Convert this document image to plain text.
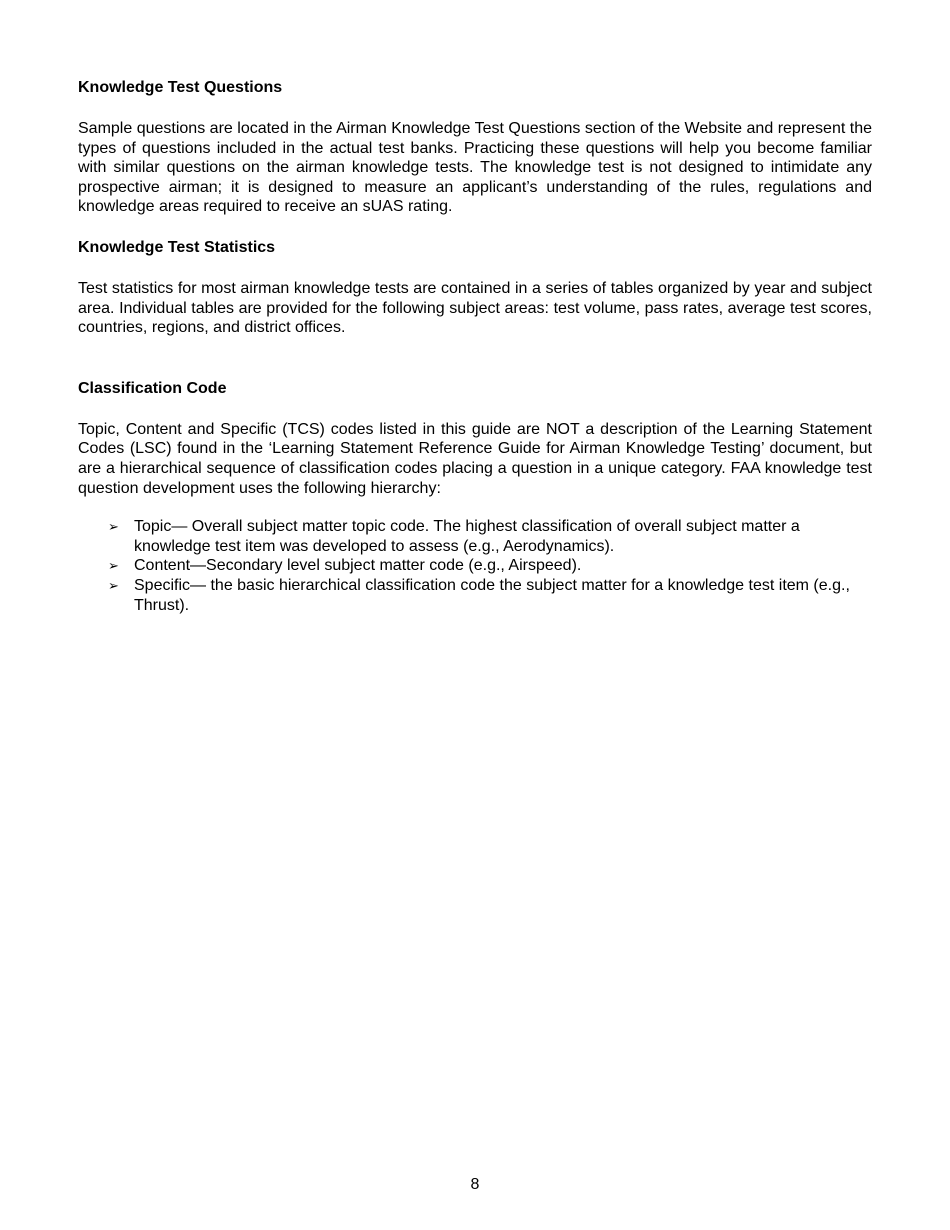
Knowledge Test Questions

Sample questions are located in the Airman Knowledge Test Questions section of the Website and represent the types of questions included in the actual test banks. Practicing these questions will help you become familiar with similar questions on the airman knowledge tests. The knowledge test is not designed to intimidate any prospective airman; it is designed to measure an applicant’s understanding of the rules, regulations and knowledge areas required to receive an sUAS rating.

Knowledge Test Statistics

Test statistics for most airman knowledge tests are contained in a series of tables organized by year and subject area. Individual tables are provided for the following subject areas: test volume, pass rates, average test scores, countries, regions, and district offices.

Classification Code

Topic, Content and Specific (TCS) codes listed in this guide are NOT a description of the Learning Statement Codes (LSC) found in the ‘Learning Statement Reference Guide for Airman Knowledge Testing’ document, but are a hierarchical sequence of classification codes placing a question in a unique category. FAA knowledge test question development uses the following hierarchy:

➢ Topic— Overall subject matter topic code. The highest classification of overall subject matter a knowledge test item was developed to assess (e.g., Aerodynamics).
➢ Content—Secondary level subject matter code (e.g., Airspeed).
➢ Specific— the basic hierarchical classification code the subject matter for a knowledge test item (e.g., Thrust).
8
